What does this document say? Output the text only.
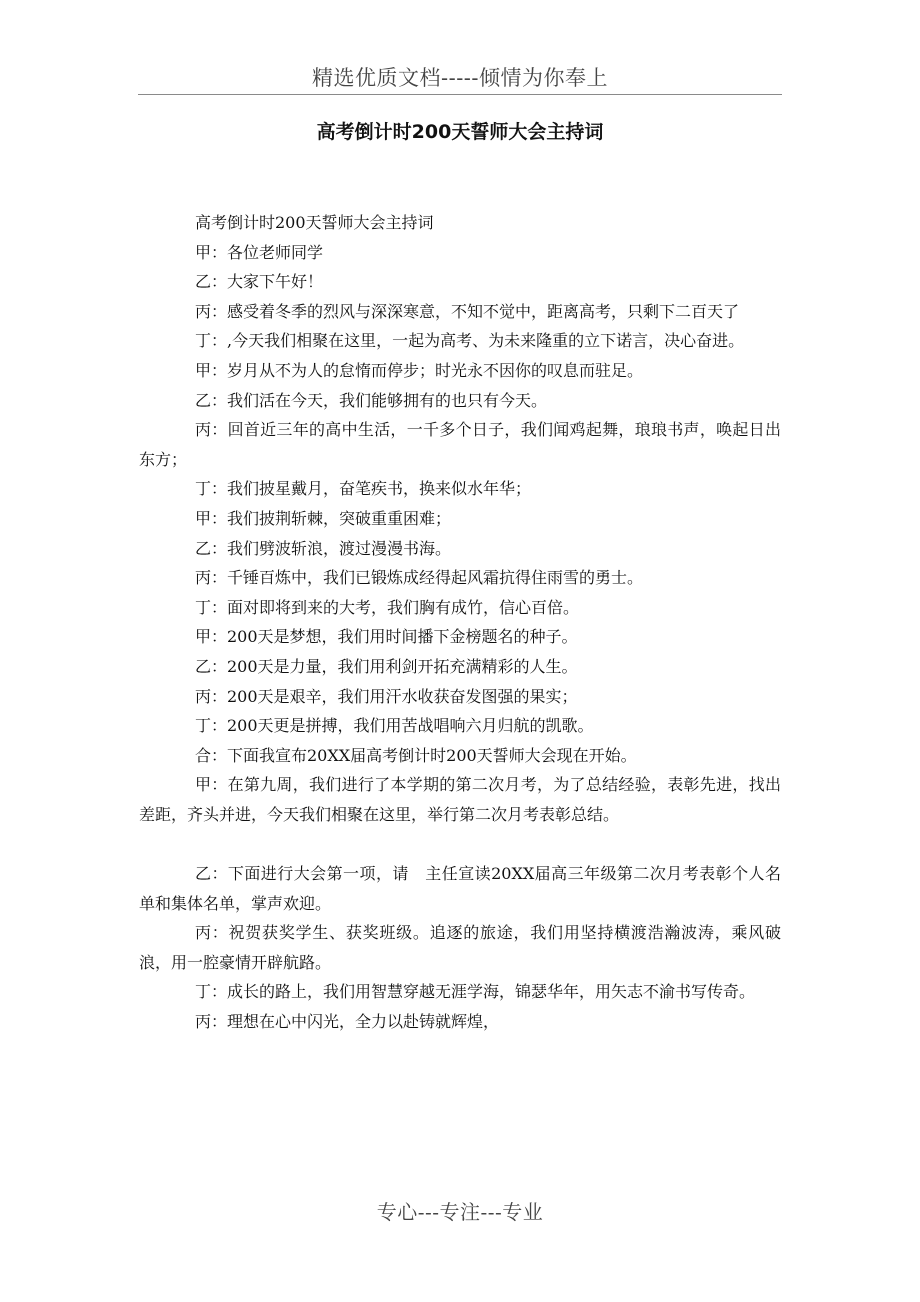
精选优质文档-----倾情为你奉上
高考倒计时200天誓师大会主持词

高考倒计时200天誓师大会主持词

甲：各位老师同学

乙：大家下午好！

丙：感受着冬季的烈风与深深寒意，不知不觉中，距离高考，只剩下二百天了

丁：,今天我们相聚在这里，一起为高考、为未来隆重的立下诺言，决心奋进。

甲：岁月从不为人的怠惰而停步；时光永不因你的叹息而驻足。

乙：我们活在今天，我们能够拥有的也只有今天。

丙：回首近三年的高中生活，一千多个日子，我们闻鸡起舞，琅琅书声，唤起日出东方；

丁：我们披星戴月，奋笔疾书，换来似水年华；

甲：我们披荆斩棘，突破重重困难；

乙：我们劈波斩浪，渡过漫漫书海。

丙：千锤百炼中，我们已锻炼成经得起风霜抗得住雨雪的勇士。

丁：面对即将到来的大考，我们胸有成竹，信心百倍。

甲：200天是梦想，我们用时间播下金榜题名的种子。

乙：200天是力量，我们用利剑开拓充满精彩的人生。

丙：200天是艰辛，我们用汗水收获奋发图强的果实；

丁：200天更是拼搏，我们用苦战唱响六月归航的凯歌。

合：下面我宣布20XX届高考倒计时200天誓师大会现在开始。

甲：在第九周，我们进行了本学期的第二次月考，为了总结经验，表彰先进，找出差距，齐头并进，今天我们相聚在这里，举行第二次月考表彰总结。

乙：下面进行大会第一项，请　主任宣读20XX届高三年级第二次月考表彰个人名单和集体名单，掌声欢迎。

丙：祝贺获奖学生、获奖班级。追逐的旅途，我们用坚持横渡浩瀚波涛，乘风破浪，用一腔豪情开辟航路。

丁：成长的路上，我们用智慧穿越无涯学海，锦瑟华年，用矢志不渝书写传奇。

丙：理想在心中闪光，全力以赴铸就辉煌，

专心---专注---专业
